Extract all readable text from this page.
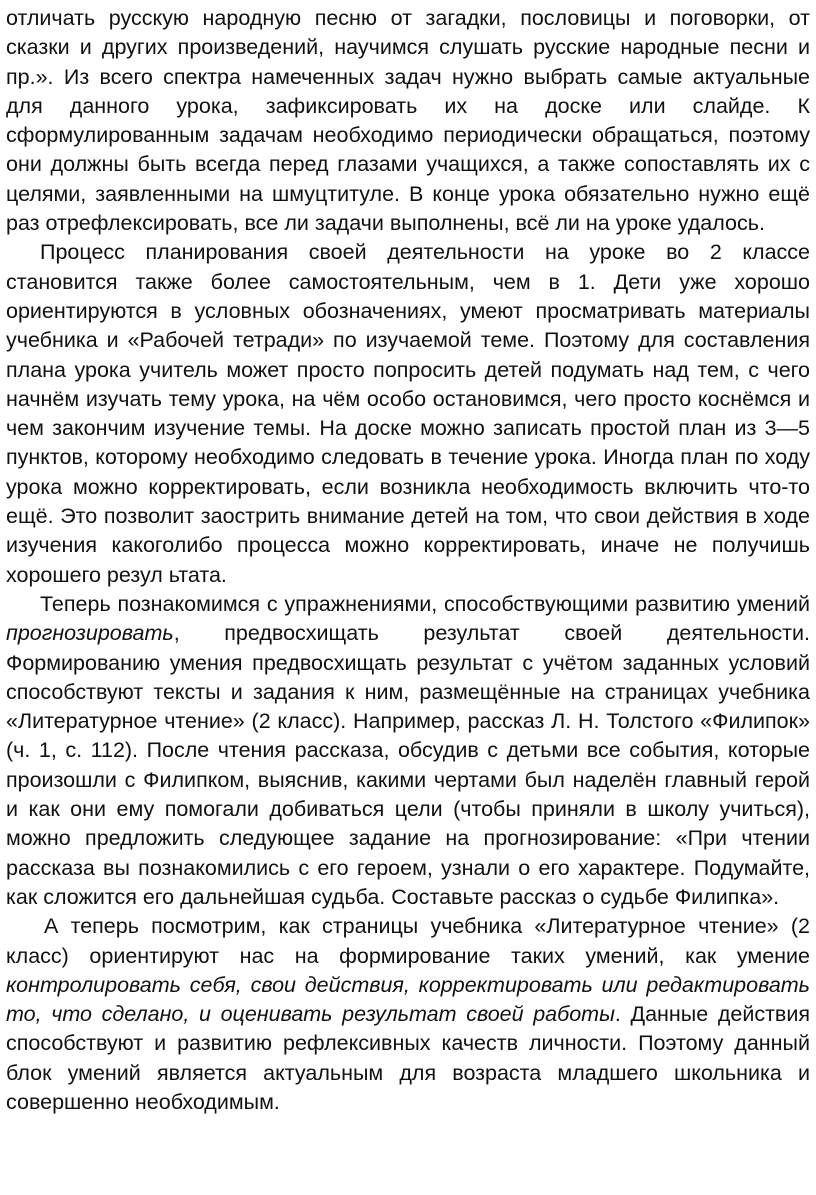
отличать русскую народную песню от загадки, пословицы и поговорки, от сказки и других произведений, научимся слушать русские народные песни и пр.». Из всего спектра намеченных задач нужно выбрать самые актуальные для данного урока, зафиксировать их на доске или слайде. К сформулированным задачам необходимо периодически обращаться, поэтому они должны быть всегда перед глазами учащихся, а также сопоставлять их с целями, заявленными на шмуцтитуле. В конце урока обязательно нужно ещё раз отрефлексировать, все ли задачи выполнены, всё ли на уроке удалось.

Процесс планирования своей деятельности на уроке во 2 классе становится также более самостоятельным, чем в 1. Дети уже хорошо ориентируются в условных обозначениях, умеют просматривать материалы учебника и «Рабочей тетради» по изучаемой теме. Поэтому для составления плана урока учитель может просто попросить детей подумать над тем, с чего начнём изучать тему урока, на чём особо остановимся, чего просто коснёмся и чем закончим изучение темы. На доске можно записать простой план из 3—5 пунктов, которому необходимо следовать в течение урока. Иногда план по ходу урока можно корректировать, если возникла необходимость включить что-то ещё. Это позволит заострить внимание детей на том, что свои действия в ходе изучения какоголибо процесса можно корректировать, иначе не получишь хорошего резул ьтата.

Теперь познакомимся с упражнениями, способствующими развитию умений прогнозировать, предвосхищать результат своей деятельности. Формированию умения предвосхищать результат с учётом заданных условий способствуют тексты и задания к ним, размещённые на страницах учебника «Литературное чтение» (2 класс). Например, рассказ Л. Н. Толстого «Филипок» (ч. 1, с. 112). После чтения рассказа, обсудив с детьми все события, которые произошли с Филипком, выяснив, какими чертами был наделён главный герой и как они ему помогали добиваться цели (чтобы приняли в школу учиться), можно предложить следующее задание на прогнозирование: «При чтении рассказа вы познакомились с его героем, узнали о его характере. Подумайте, как сложится его дальнейшая судьба. Составьте рассказ о судьбе Филипка».

А теперь посмотрим, как страницы учебника «Литературное чтение» (2 класс) ориентируют нас на формирование таких умений, как умение контролировать себя, свои действия, корректировать или редактировать то, что сделано, и оценивать результат своей работы. Данные действия способствуют и развитию рефлексивных качеств личности. Поэтому данный блок умений является актуальным для возраста младшего школьника и совершенно необходимым.
